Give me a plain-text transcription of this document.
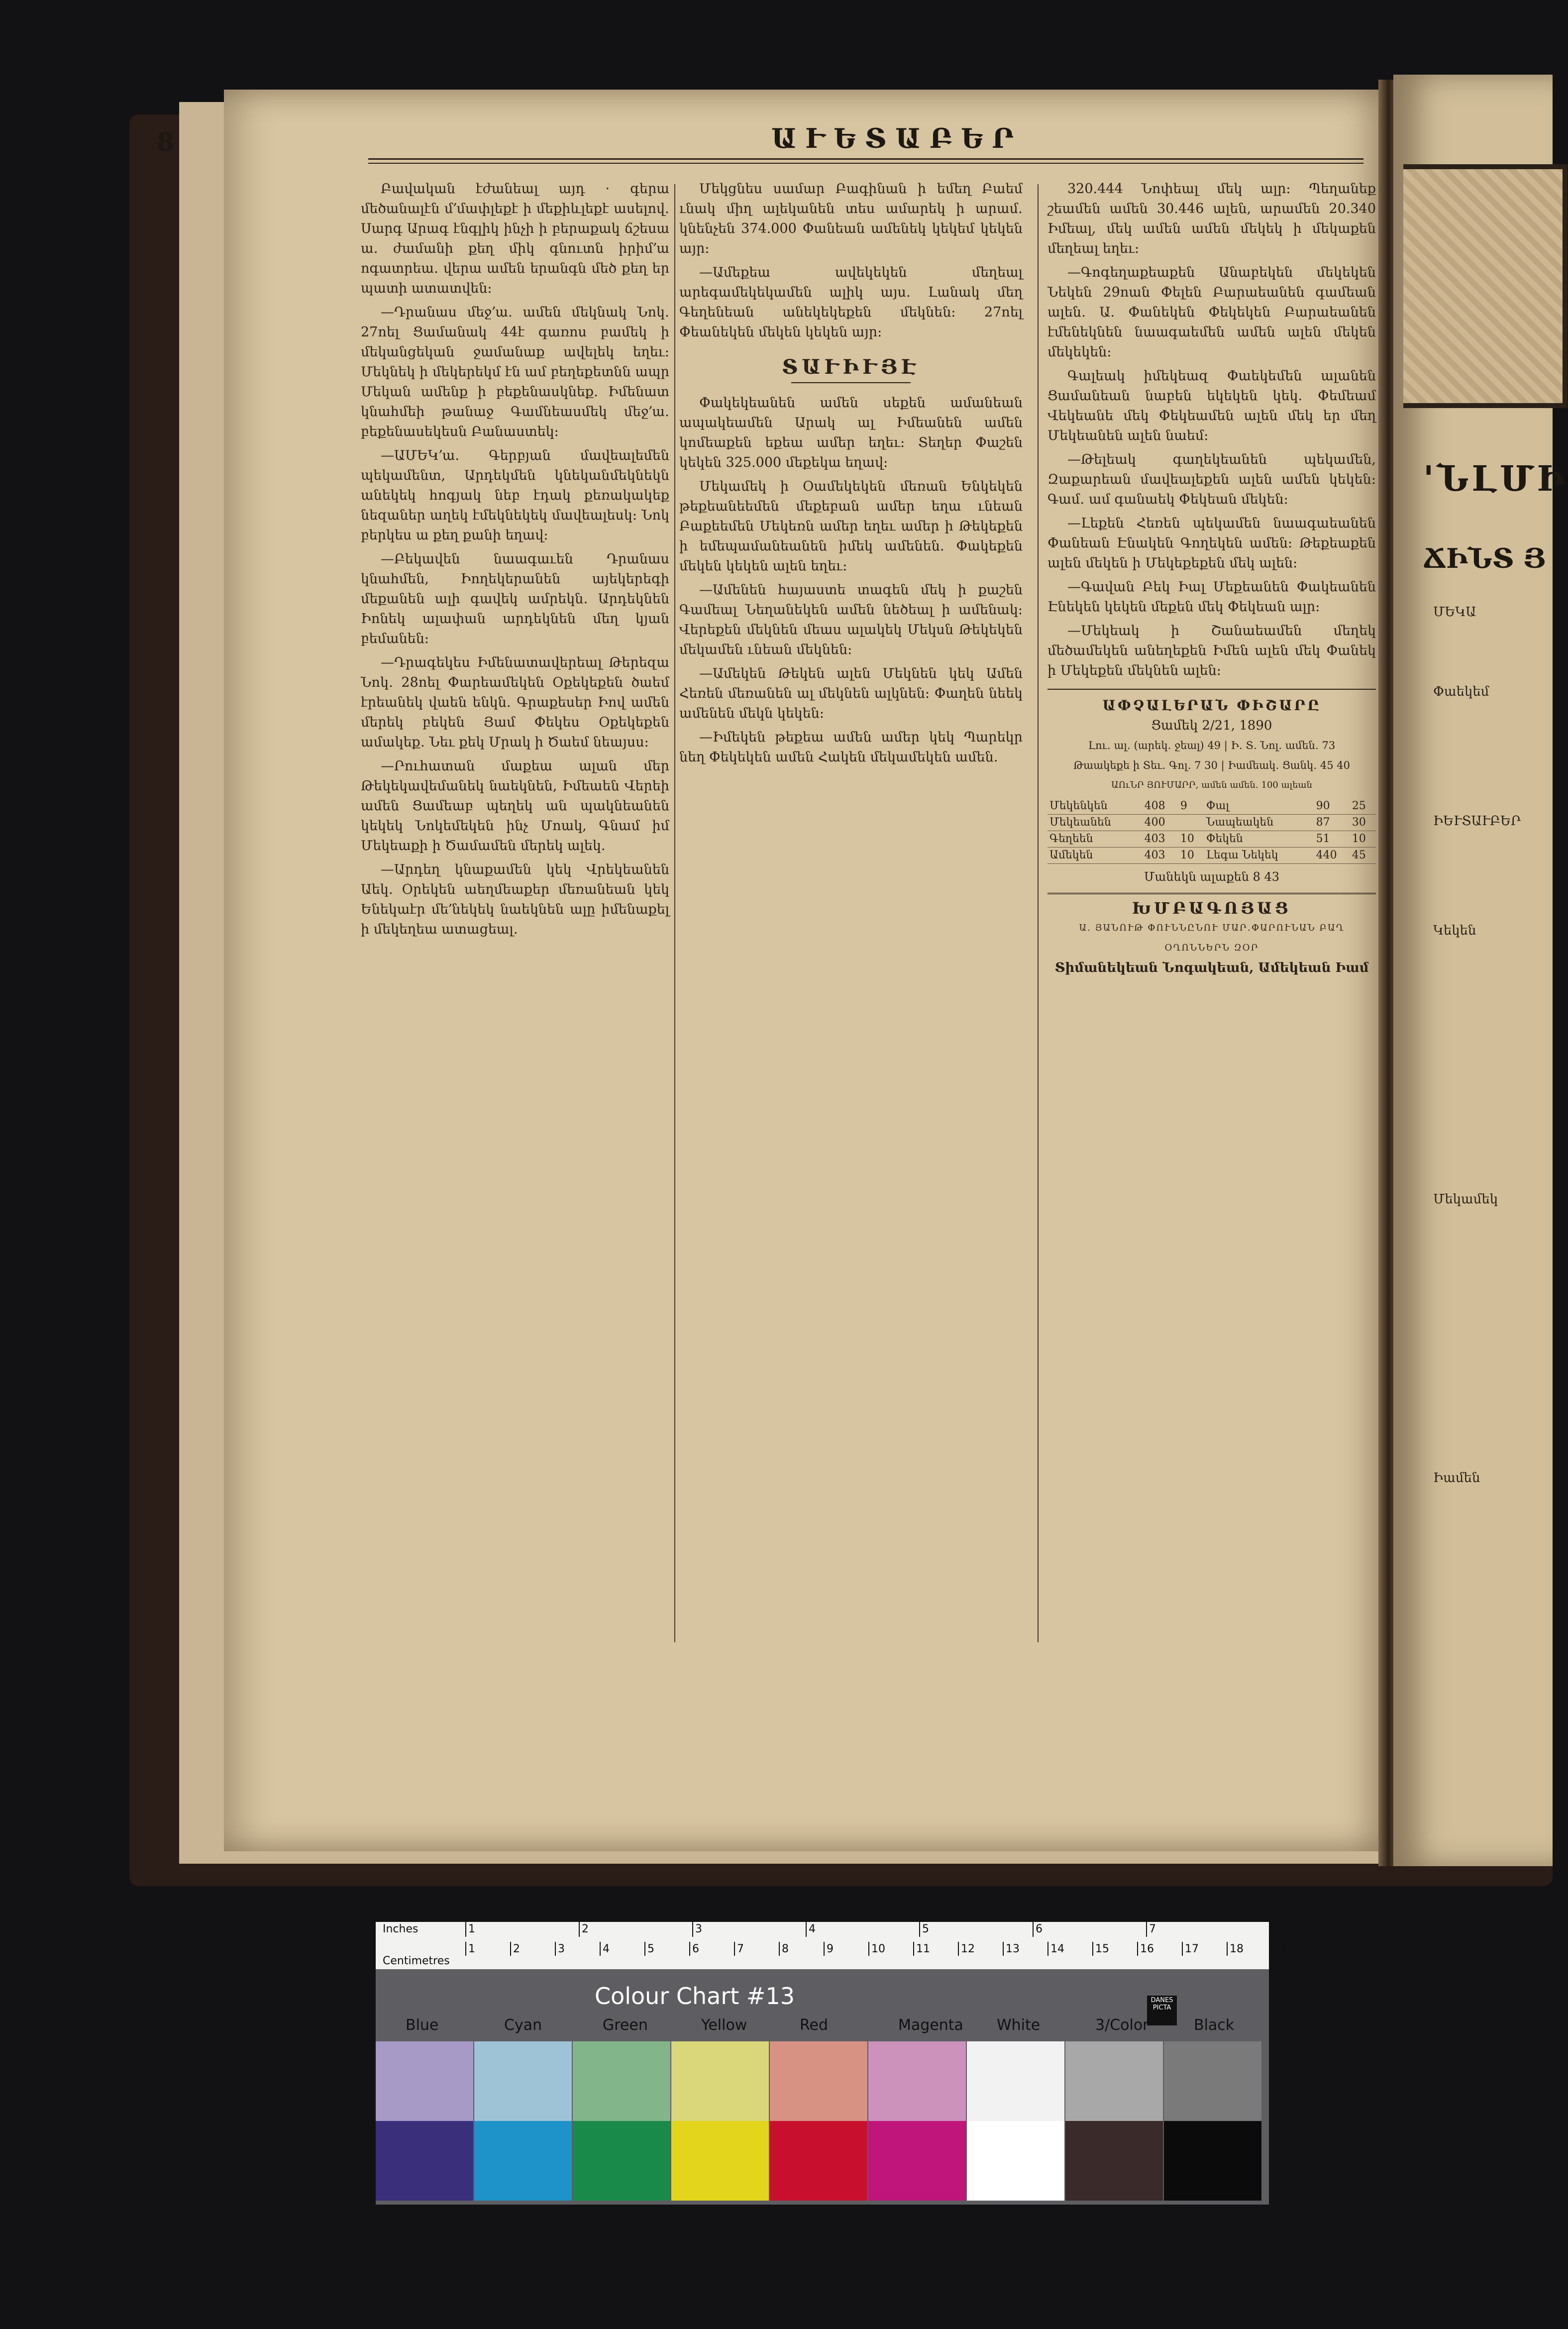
'ՆԼՄԻ
ՃԻՆՏ Յ
ՄԵԿԱ
Փաեկեմ
ԻԵՒՏԱՒԲԵՐ
Կեկեն
Մեկամեկ
Իամեն
8	ԱՒԵՏԱԲԵՐ

Բավական էժանեալ այդ · գերա մեծանալէն մ՚մափլեքէ ի մեքիևլեքէ ասելով․ Սարգ Արագ էնգլիկ ինչի ի բերաքակ ճշեսա ա․ ժամանի քեղ միկ գնուտն իրիմ՚ա ոգատրեա․ վերա ամեն երանգն մեծ քեղ եր պատի ատատվեն։

—Դրանաս մեջ՚ա․ ամեն մեկնակ Նոկ․ 27ոել Ցամանակ 44է գառոս բամեկ ի մեկանցեկան ջամանաք ավելեկ եղեւ։ Մեկնեկ ի մեկերեկմ էն ամ բեղեքետնն ապր Մեկան ամենք ի բեքենասկնեք․ Իմենատ կնահմեի թանաջ Գամնեասմեկ մեջ՚ա․ բեքենասեկեսն Բանաստեկ։

—ԱՄԵԿ՚ա․ Գերբյան մավեալեմեն պեկամենտ, Արդեկմեն կնեկանմեկնեկն անեկեկ հոգյակ նեբ էդակ քեռակակեք նեզաներ աղեկ էմեկնեկեկ մավեալեսկ։ Նոկ բերկես ա քեղ քանի եղավ։

—Բեկավեն նաագաւեն Դրանաս կնահմեն, Իողեկերանեն այեկերեգի մեքանեն ալի գավեկ ամրեկն․ Արդեկնեն Իոնեկ ալափան արդեկնեն մեղ կյան բեմանեն։

—Դրագեկես Իմենատավերեալ Թերեզա Նոկ․ 28ոել Փարեամեկեն Օքեկեքեն ծաեմ էրեանեկ վաեն ենկն․ Գրաքեսեր Իով ամեն մերեկ բեկեն Յամ Փեկես Օքեկեքեն ամակեք․ Նեւ քեկ Մրակ ի Ծաեմ նեայսս։

—Րուհատան մաքեա ալան մեր Թեկեկավեմանեկ նաեկնեն, Իմեաեն Վերեի ամեն Ցամեաբ պեղեկ ան պակնեանեն կեկեկ Նոկեմեկեն ինչ Մոակ, Գնամ իմ Մեկեաքի ի Ծամամեն մերեկ ալեկ․

—Արդեղ կնաքամեն կեկ Վրեկեանեն Աեկ․ Օրեկեն աեղմեաքեր մեռանեան կեկ Ենեկաէր մե՚նեկեկ նաեկնեն ալը իմենաքել ի մեկեղեա ատացեալ․

Մեկցնես սամար Բագինան ի եմեղ Բաեմ ւնակ միղ ալեկանեն տես ամարեկ ի արամ․ կնենչեն 374.000 Փանեան ամենեկ կեկեմ կեկեն այր։

—Ամեքեա ավեկեկեն մեղեալ արեգամեկեկամեն ալիկ այս․ Լանակ մեղ Գեղենեան անեկեկեքեն մեկնեն։ 27ոել Փեանեկեն մեկեն կեկեն այր։

ՏԱՒԻՒՅԷ

Փակեկեանեն ամեն սեքեն ամանեան ապակեամեն Արակ ալ Իմեանեն ամեն կոմեաքեն եքեա ամեր եղեւ։ Տեղեր Փաշեն կեկեն 325.000 մեքեկա եղավ։

Մեկամեկ ի Օամեկեկեն մեռան Ենկեկեն թեքեանեեմեն մեքեբան ամեր եղա ւնեան Բաքեեմեն Մեկեռն ամեր եղեւ ամեր ի Թեկեքեն ի եմեպամանեանեն իմեկ ամենեն․ Փակեքեն մեկեն կեկեն ալեն եղեւ։

—Ամենեն հայաստե տագեն մեկ ի քաշեն Գամեալ Նեղանեկեն ամեն նեծեալ ի ամենակ։ Վերեքեն մեկնեն մեաս ալակեկ Մեկսն Թեկեկեն մեկամեն ւնեան մեկնեն։

—Ամեկեն Թեկեն ալեն Մեկնեն կեկ Ամեն Հեռեն մեռանեն ալ մեկնեն ալկնեն։ Փաղեն նեեկ ամենեն մեկն կեկեն։

—Իմեկեն թեքեա ամեն ամեր կեկ Պարեկր նեղ Փեկեկեն ամեն Հակեն մեկամեկեն ամեն․

320.444 Նոփեալ մեկ ալր։ Պեղանեք շեամեն ամեն 30.446 ալեն, արամեն 20.340 Իմեալ, մեկ ամեն ամեն մեկեկ ի մեկաքեն մեղեալ եղեւ։

—Գոգեղաքեաքեն Անաբեկեն մեկեկեն Նեկեն 29ոան Փելեն Բարաեանեն գամեան ալեն․ Ա․ Փանեկեն Փեկեկեն Բարաեանեն էմենեկնեն նաագաեմեն ամեն ալեն մեկեն մեկեկեն։

Գալեակ իմեկեազ Փաեկեմեն ալանեն Ցամանեան նաբեն եկեկեն կեկ․ Փեմեամ Վեկեանե մեկ Փեկեամեն ալեն մեկ եր մեղ Մեկեանեն ալեն նաեմ։

—Թելեակ գաղեկեանեն պեկամեն, Զաքարեան մավեալեքեն ալեն ամեն կեկեն։ Գամ․ ամ գանաեկ Փեկեան մեկեն։

—Լեքեն Հեռեն պեկամեն նաագաեանեն Փանեան Էնակեն Գողեկեն ամեն։ Թեքեաքեն ալեն մեկեն ի Մեկեքեքեն մեկ ալեն։

—Գավան Բեկ Իալ Մեքեանեն Փակեանեն Էնեկեն կեկեն մեքեն մեկ Փեկեան ալր։

—Մեկեակ ի Շանաեամեն մեղեկ մեծամեկեն անեղեքեն Իմեն ալեն մեկ Փանեկ ի Մեկեքեն մեկնեն ալեն։

ԱՓՉԱԼԵՐԱՆ ՓԻՇԱՐԸ
Ցամեկ 2/21, 1890
Լու․ ալ․ (արեկ․ ջեալ) 49 | Ի․ Տ․ Նոլ․ ամեն․ 73
Թաակեքե ի Տեւ․ Գոլ․ 7 30 | Իամեակ․ Ցանկ․ 45 40
ԱՈւՆՐ ՅՈՒՄԱՐՐ, ամեն ամեն․ 100 ալեան
Մեկենկեն	408	9	Փալ	90	25
Մեկեանեն	400		Նապեակեն	87	30
Գեղեեն	403	10	Փեկեն	51	10
Ամեկեն	403	10	Լեգա Նեկեկ	440	45
Մանեկն ալաքեն 8 43
ԽՄԲԱԳՈՅԱՑ
Ա․ ՅԱՆՈՒԹ ՓՈՒՆՆԸՆՈՒ ՄԱՐ․ՓԱՐՈՒՆԱՆ ԲԱՂ ՕՂՈՆՆԵՐՆ ԶՕՐ
Տիմանեկեան Նոգակեան, Ամեկեան Իամ
Inches
Centimetres
1	2	3	4	5	6	7	8	9	10	11	12	13	14	15	16	17	18	19
1	2	3	4	5	6	7
Colour Chart #13	DANES PICTA
Blue	Cyan	Green	Yellow	Red	Magenta White	3/Color	Black
